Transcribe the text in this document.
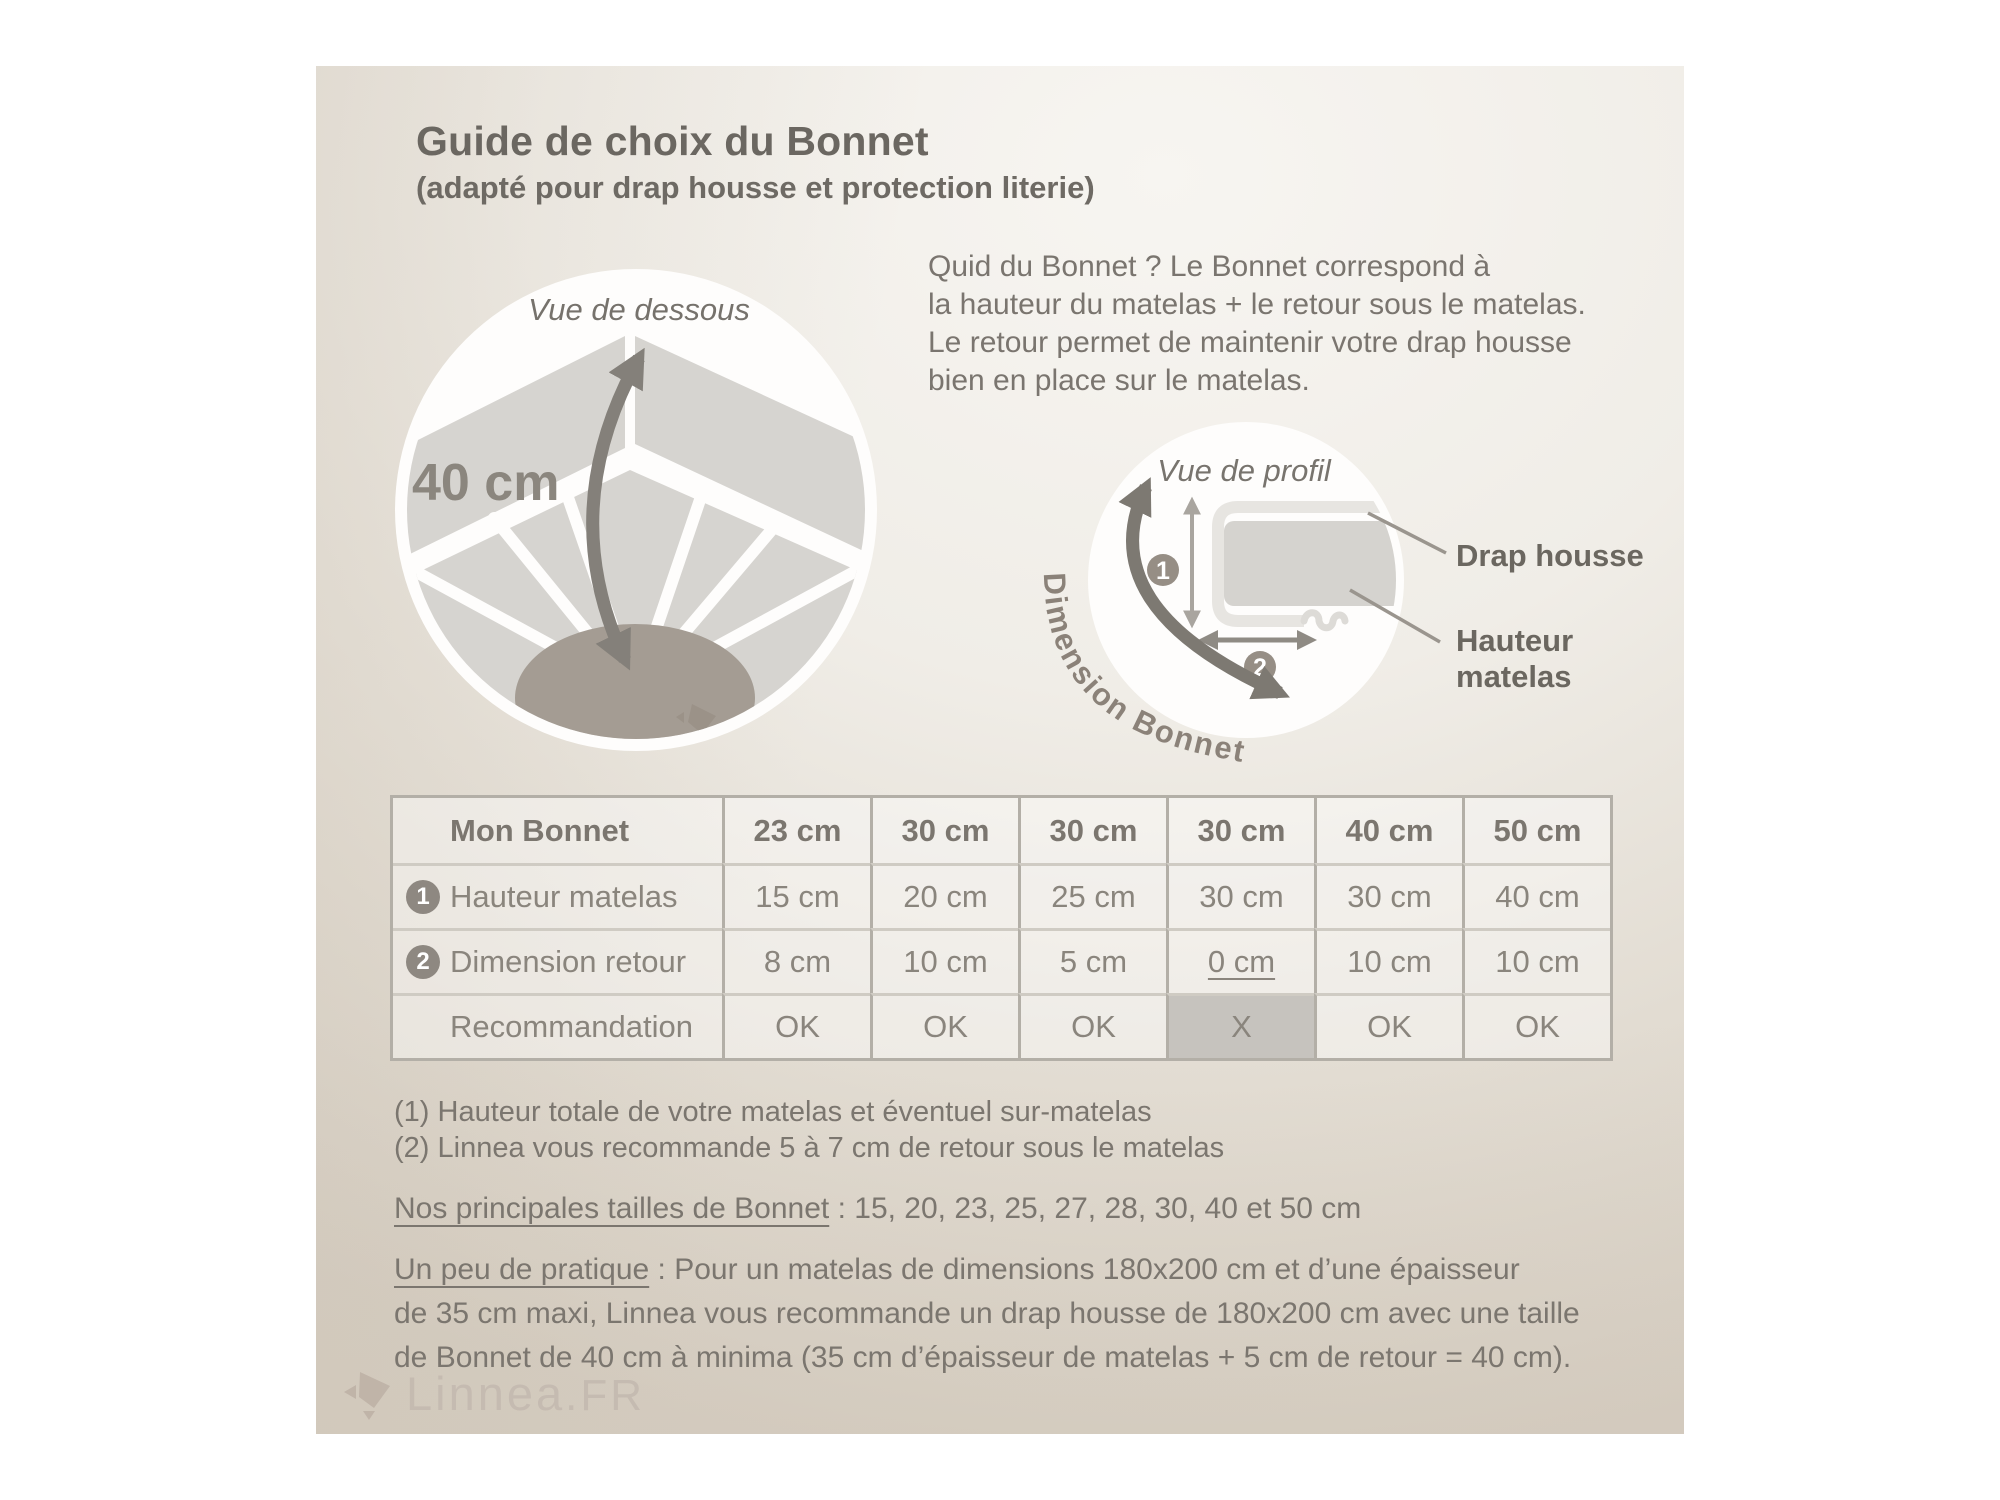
Guide de choix du Bonnet
(adapté pour drap housse et protection literie)
Vue de dessous
40 cm
Quid du Bonnet ? Le Bonnet correspond à
la hauteur du matelas + le retour sous le matelas.
Le retour permet de maintenir votre drap housse
bien en place sur le matelas.
1
2
Dimension Bonnet
Vue de profil
Drap housse
Hauteur
matelas
Mon Bonnet	23 cm	30 cm	30 cm	30 cm	40 cm	50 cm
1 Hauteur matelas	15 cm	20 cm	25 cm	30 cm	30 cm	40 cm
2 Dimension retour	8 cm	10 cm	5 cm	0 cm	10 cm	10 cm
Recommandation	OK	OK	OK	X	OK	OK
(1) Hauteur totale de votre matelas et éventuel sur-matelas
(2) Linnea vous recommande 5 à 7 cm de retour sous le matelas
Nos principales tailles de Bonnet : 15, 20, 23, 25, 27, 28, 30, 40 et 50 cm
Un peu de pratique : Pour un matelas de dimensions 180x200 cm et d’une épaisseur
de 35 cm maxi, Linnea vous recommande un drap housse de 180x200 cm avec une taille
de Bonnet de 40 cm à minima (35 cm d’épaisseur de matelas + 5 cm de retour = 40 cm).
Linnea.FR
